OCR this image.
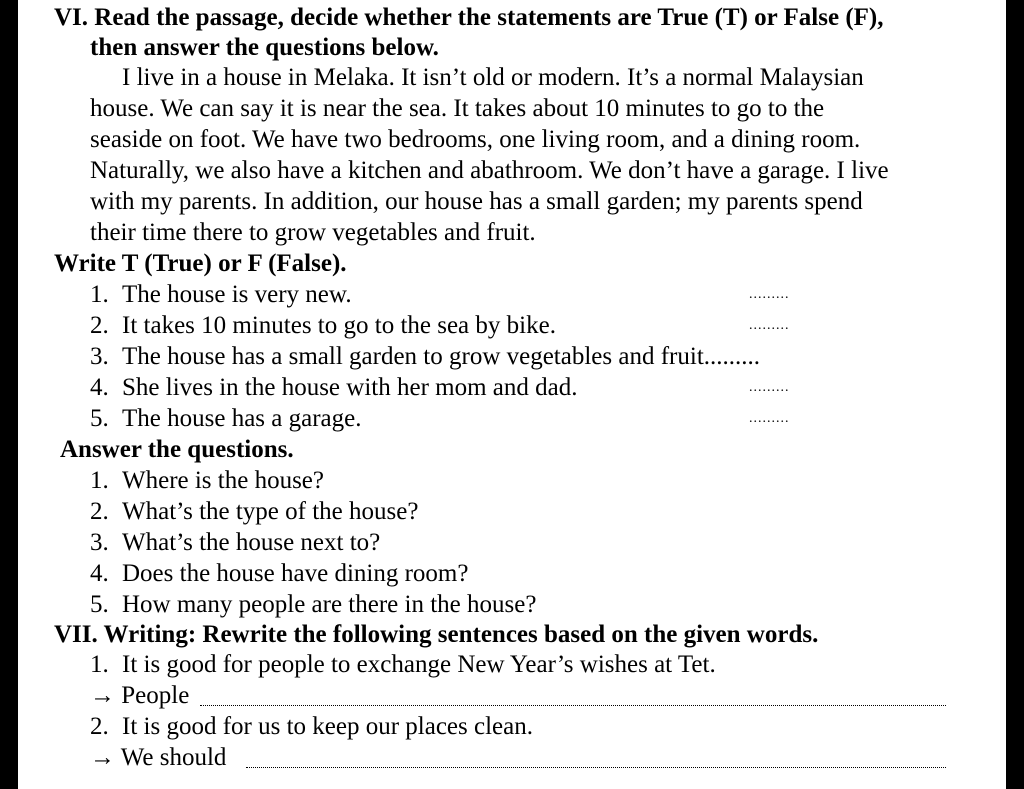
VI. Read the passage, decide whether the statements are True (T) or False (F),
then answer the questions below.
I live in a house in Melaka. It isn’t old or modern. It’s a normal Malaysian
house. We can say it is near the sea. It takes about 10 minutes to go to the
seaside on foot. We have two bedrooms, one living room, and a dining room.
Naturally, we also have a kitchen and abathroom. We don’t have a garage. I live
with my parents. In addition, our house has a small garden; my parents spend
their time there to grow vegetables and fruit.
Write T (True) or F (False).
1. The house is very new.	.........
2. It takes 10 minutes to go to the sea by bike.	.........
3. The house has a small garden to grow vegetables and fruit.........
4. She lives in the house with her mom and dad.	.........
5. The house has a garage.	.........
Answer the questions.
1. Where is the house?
2. What’s the type of the house?
3. What’s the house next to?
4. Does the house have dining room?
5. How many people are there in the house?
VII. Writing: Rewrite the following sentences based on the given words.
1. It is good for people to exchange New Year’s wishes at Tet.
→ People
2. It is good for us to keep our places clean.
→ We should
